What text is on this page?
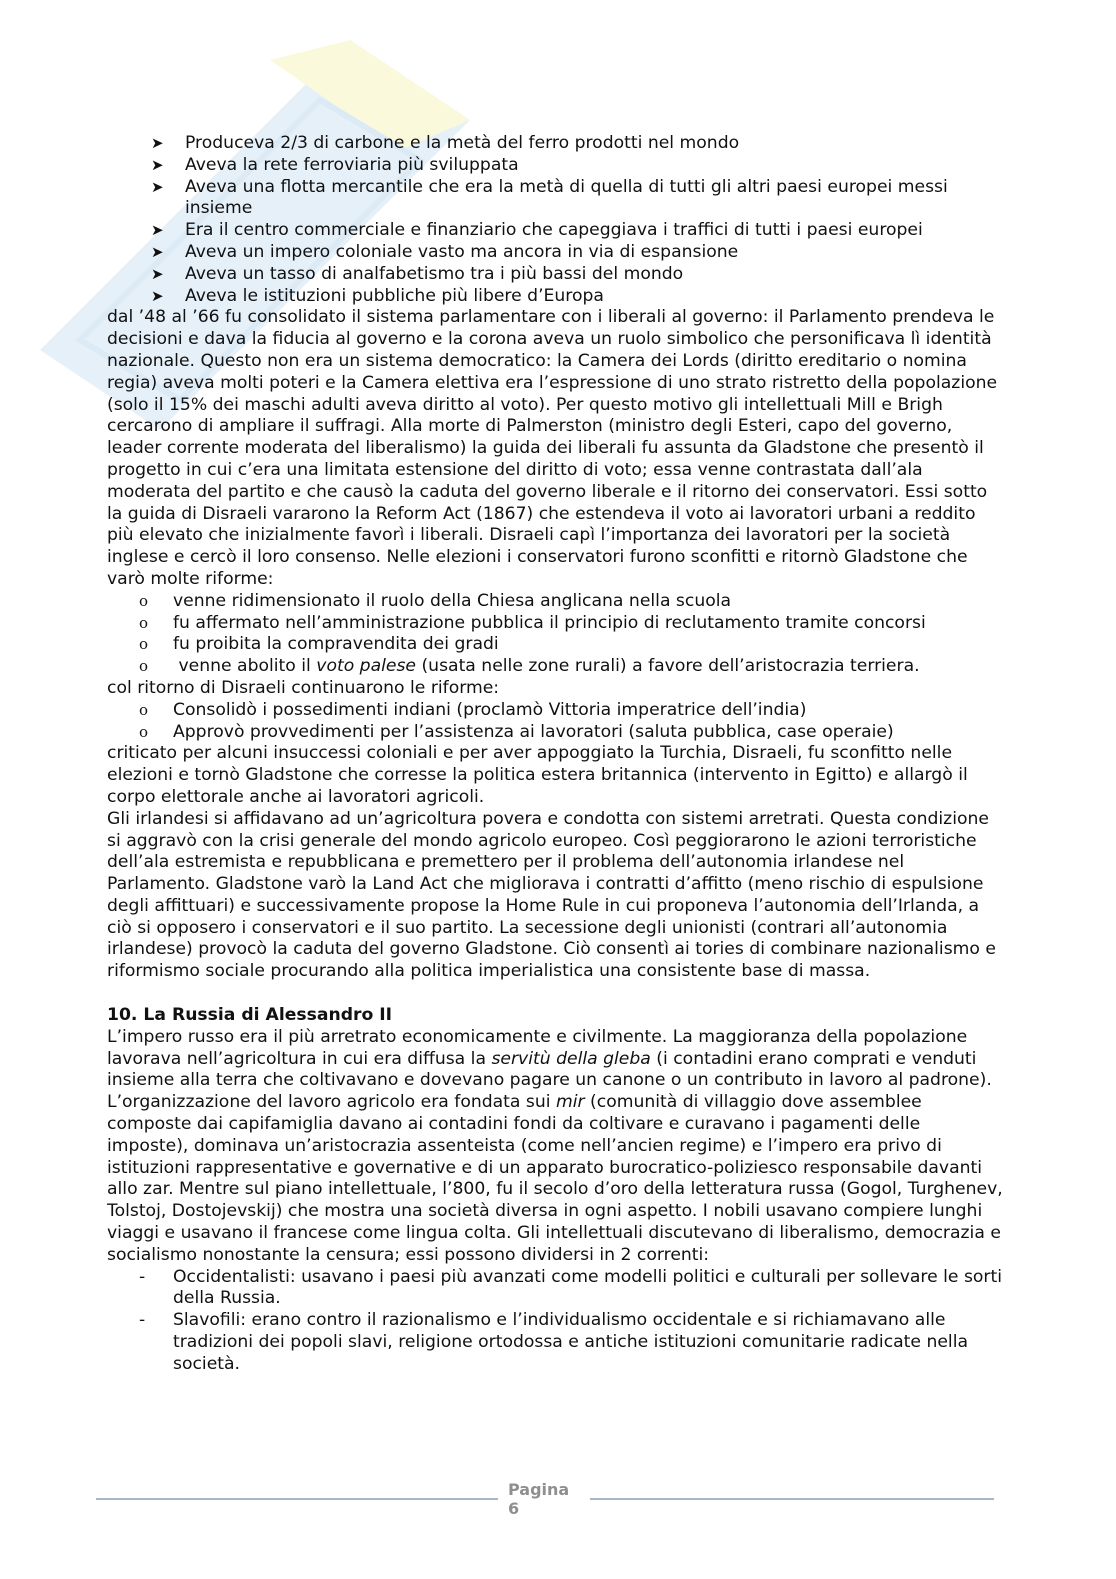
➤ Produceva 2/3 di carbone e la metà del ferro prodotti nel mondo
➤ Aveva la rete ferroviaria più sviluppata
➤ Aveva una flotta mercantile che era la metà di quella di tutti gli altri paesi europei messi insieme
➤ Era il centro commerciale e finanziario che capeggiava i traffici di tutti i paesi europei
➤ Aveva un impero coloniale vasto ma ancora in via di espansione
➤ Aveva un tasso di analfabetismo tra i più bassi del mondo
➤ Aveva le istituzioni pubbliche più libere d’Europa

dal ’48 al ’66 fu consolidato il sistema parlamentare con i liberali al governo: il Parlamento prendeva le decisioni e dava la fiducia al governo e la corona aveva un ruolo simbolico che personificava lì identità nazionale. Questo non era un sistema democratico: la Camera dei Lords (diritto ereditario o nomina regia) aveva molti poteri e la Camera elettiva era l’espressione di uno strato ristretto della popolazione (solo il 15% dei maschi adulti aveva diritto al voto). Per questo motivo gli intellettuali Mill e Brigh cercarono di ampliare il suffragi. Alla morte di Palmerston (ministro degli Esteri, capo del governo, leader corrente moderata del liberalismo) la guida dei liberali fu assunta da Gladstone che presentò il progetto in cui c’era una limitata estensione del diritto di voto; essa venne contrastata dall’ala moderata del partito e che causò la caduta del governo liberale e il ritorno dei conservatori. Essi sotto la guida di Disraeli vararono la Reform Act (1867) che estendeva il voto ai lavoratori urbani a reddito più elevato che inizialmente favorì i liberali. Disraeli capì l’importanza dei lavoratori per la società inglese e cercò il loro consenso. Nelle elezioni i conservatori furono sconfitti e ritornò Gladstone che varò molte riforme:

o venne ridimensionato il ruolo della Chiesa anglicana nella scuola
o fu affermato nell’amministrazione pubblica il principio di reclutamento tramite concorsi
o fu proibita la compravendita dei gradi
o venne abolito il voto palese (usata nelle zone rurali) a favore dell’aristocrazia terriera.

col ritorno di Disraeli continuarono le riforme:

o Consolidò i possedimenti indiani (proclamò Vittoria imperatrice dell’india)
o Approvò provvedimenti per l’assistenza ai lavoratori (saluta pubblica, case operaie)

criticato per alcuni insuccessi coloniali e per aver appoggiato la Turchia, Disraeli, fu sconfitto nelle elezioni e tornò Gladstone che corresse la politica estera britannica (intervento in Egitto) e allargò il corpo elettorale anche ai lavoratori agricoli.

Gli irlandesi si affidavano ad un’agricoltura povera e condotta con sistemi arretrati. Questa condizione si aggravò con la crisi generale del mondo agricolo europeo. Così peggiorarono le azioni terroristiche dell’ala estremista e repubblicana e premettero per il problema dell’autonomia irlandese nel Parlamento. Gladstone varò la Land Act che migliorava i contratti d’affitto (meno rischio di espulsione degli affittuari) e successivamente propose la Home Rule in cui proponeva l’autonomia dell’Irlanda, a ciò si opposero i conservatori e il suo partito. La secessione degli unionisti (contrari all’autonomia irlandese) provocò la caduta del governo Gladstone. Ciò consentì ai tories di combinare nazionalismo e riformismo sociale procurando alla politica imperialistica una consistente base di massa.

10. La Russia di Alessandro II

L’impero russo era il più arretrato economicamente e civilmente. La maggioranza della popolazione lavorava nell’agricoltura in cui era diffusa la servitù della gleba (i contadini erano comprati e venduti insieme alla terra che coltivavano e dovevano pagare un canone o un contributo in lavoro al padrone). L’organizzazione del lavoro agricolo era fondata sui mir (comunità di villaggio dove assemblee composte dai capifamiglia davano ai contadini fondi da coltivare e curavano i pagamenti delle imposte), dominava un’aristocrazia assenteista (come nell’ancien regime) e l’impero era privo di istituzioni rappresentative e governative e di un apparato burocratico-poliziesco responsabile davanti allo zar. Mentre sul piano intellettuale, l’800, fu il secolo d’oro della letteratura russa (Gogol, Turghenev, Tolstoj, Dostojevskij) che mostra una società diversa in ogni aspetto. I nobili usavano compiere lunghi viaggi e usavano il francese come lingua colta. Gli intellettuali discutevano di liberalismo, democrazia e socialismo nonostante la censura; essi possono dividersi in 2 correnti:

- Occidentalisti: usavano i paesi più avanzati come modelli politici e culturali per sollevare le sorti della Russia.
- Slavofili: erano contro il razionalismo e l’individualismo occidentale e si richiamavano alle tradizioni dei popoli slavi, religione ortodossa e antiche istituzioni comunitarie radicate nella società.
Pagina
6
